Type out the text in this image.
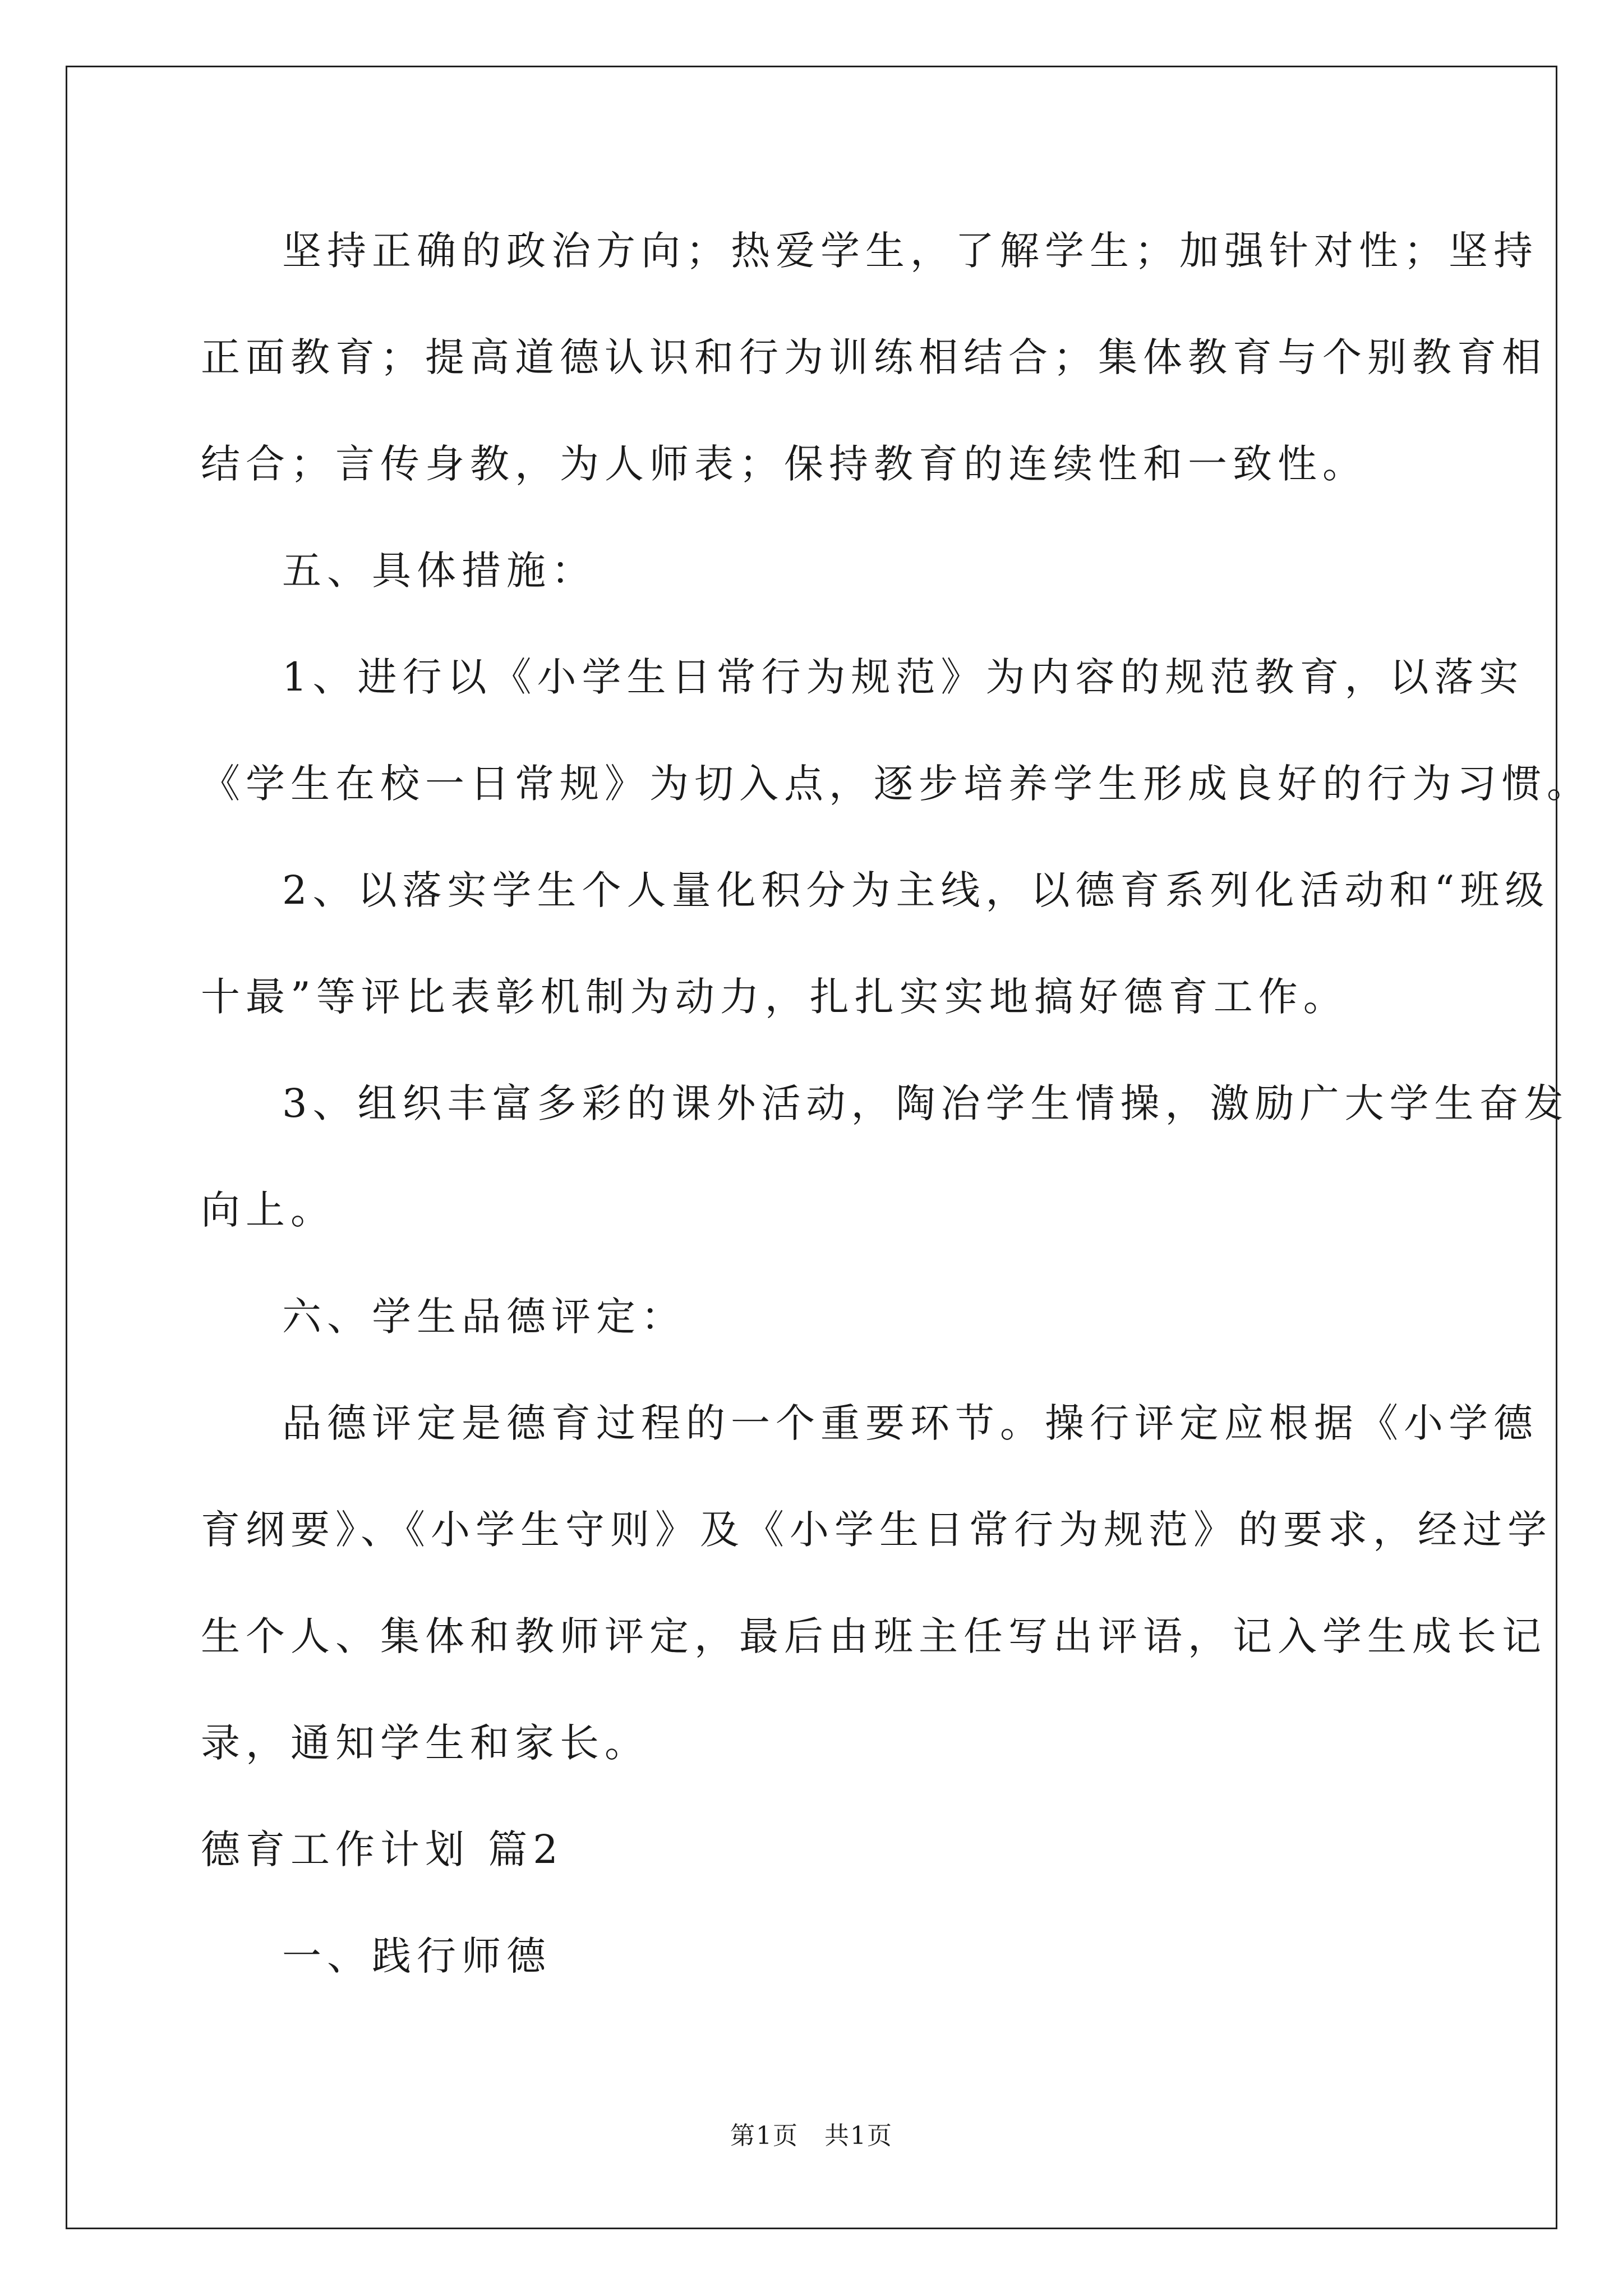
坚持正确的政治方向；热爱学生，了解学生；加强针对性；坚持
正面教育；提高道德认识和行为训练相结合；集体教育与个别教育相
结合；言传身教，为人师表；保持教育的连续性和一致性。
五、具体措施：
1、进行以《小学生日常行为规范》为内容的规范教育，以落实
《学生在校一日常规》为切入点，逐步培养学生形成良好的行为习惯。
2、以落实学生个人量化积分为主线，以德育系列化活动和“班级
十最”等评比表彰机制为动力，扎扎实实地搞好德育工作。
3、组织丰富多彩的课外活动，陶冶学生情操，激励广大学生奋发
向上。
六、学生品德评定：
品德评定是德育过程的一个重要环节。操行评定应根据《小学德
育纲要》、《小学生守则》及《小学生日常行为规范》的要求，经过学
生个人、集体和教师评定，最后由班主任写出评语，记入学生成长记
录，通知学生和家长。
德育工作计划 篇2
一、践行师德
第1页　共1页
